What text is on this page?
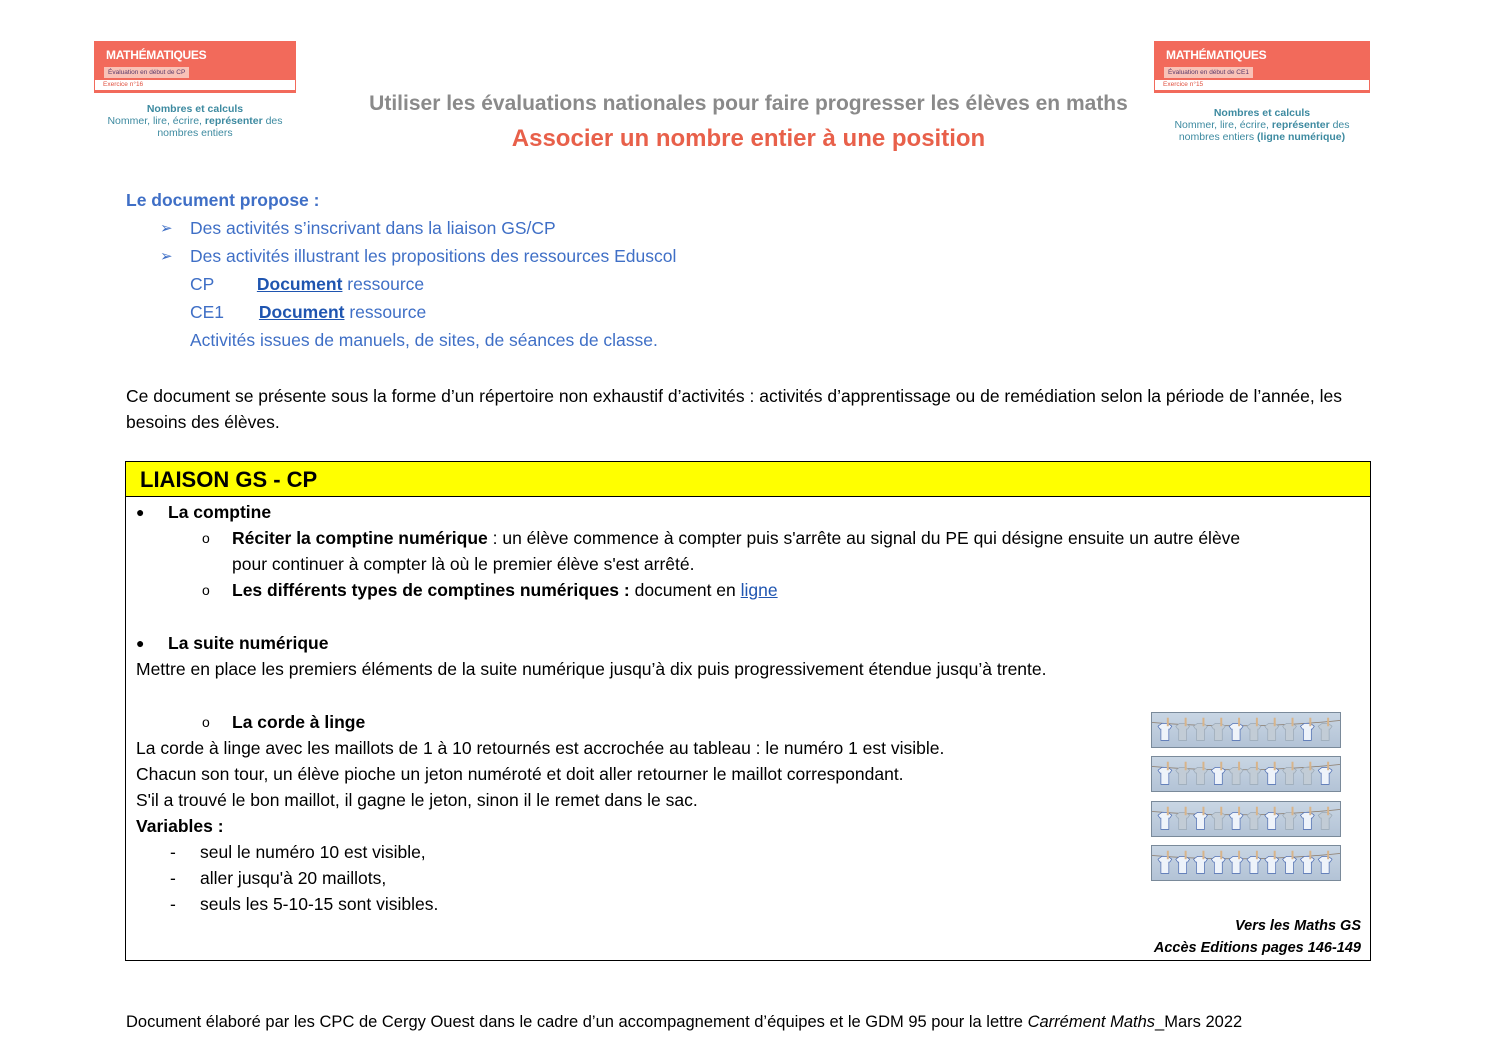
MATHÉMATIQUES
Évaluation en début de CP
Exercice n°16
Nombres et calculs
Nommer, lire, écrire, représenter des
nombres entiers
MATHÉMATIQUES
Évaluation en début de CE1
Exercice n°15
Nombres et calculs
Nommer, lire, écrire, représenter des
nombres entiers (ligne numérique)
Utiliser les évaluations nationales pour faire progresser les élèves en maths
Associer un nombre entier à une position
Le document propose :
➢ Des activités s’inscrivant dans la liaison GS/CP
➢ Des activités illustrant les propositions des ressources Eduscol
CP Document ressource
CE1 Document ressource
Activités issues de manuels, de sites, de séances de classe.
Ce document se présente sous la forme d’un répertoire non exhaustif d’activités : activités d’apprentissage ou de remédiation selon la période de l’année, les besoins des élèves.
LIAISON GS - CP
● La comptine
o Réciter la comptine numérique : un élève commence à compter puis s'arrête au signal du PE qui désigne ensuite un autre élève
pour continuer à compter là où le premier élève s'est arrêté.
o Les différents types de comptines numériques : document en ligne
● La suite numérique
Mettre en place les premiers éléments de la suite numérique jusqu’à dix puis progressivement étendue jusqu’à trente.
o La corde à linge
La corde à linge avec les maillots de 1 à 10 retournés est accrochée au tableau : le numéro 1 est visible.
Chacun son tour, un élève pioche un jeton numéroté et doit aller retourner le maillot correspondant.
S'il a trouvé le bon maillot, il gagne le jeton, sinon il le remet dans le sac.
Variables :
- seul le numéro 10 est visible,
- aller jusqu'à 20 maillots,
- seuls les 5-10-15 sont visibles.
Vers les Maths GS
Accès Editions pages 146-149
Document élaboré par les CPC de Cergy Ouest dans le cadre d’un accompagnement d’équipes et le GDM 95 pour la lettre Carrément Maths_Mars 2022
